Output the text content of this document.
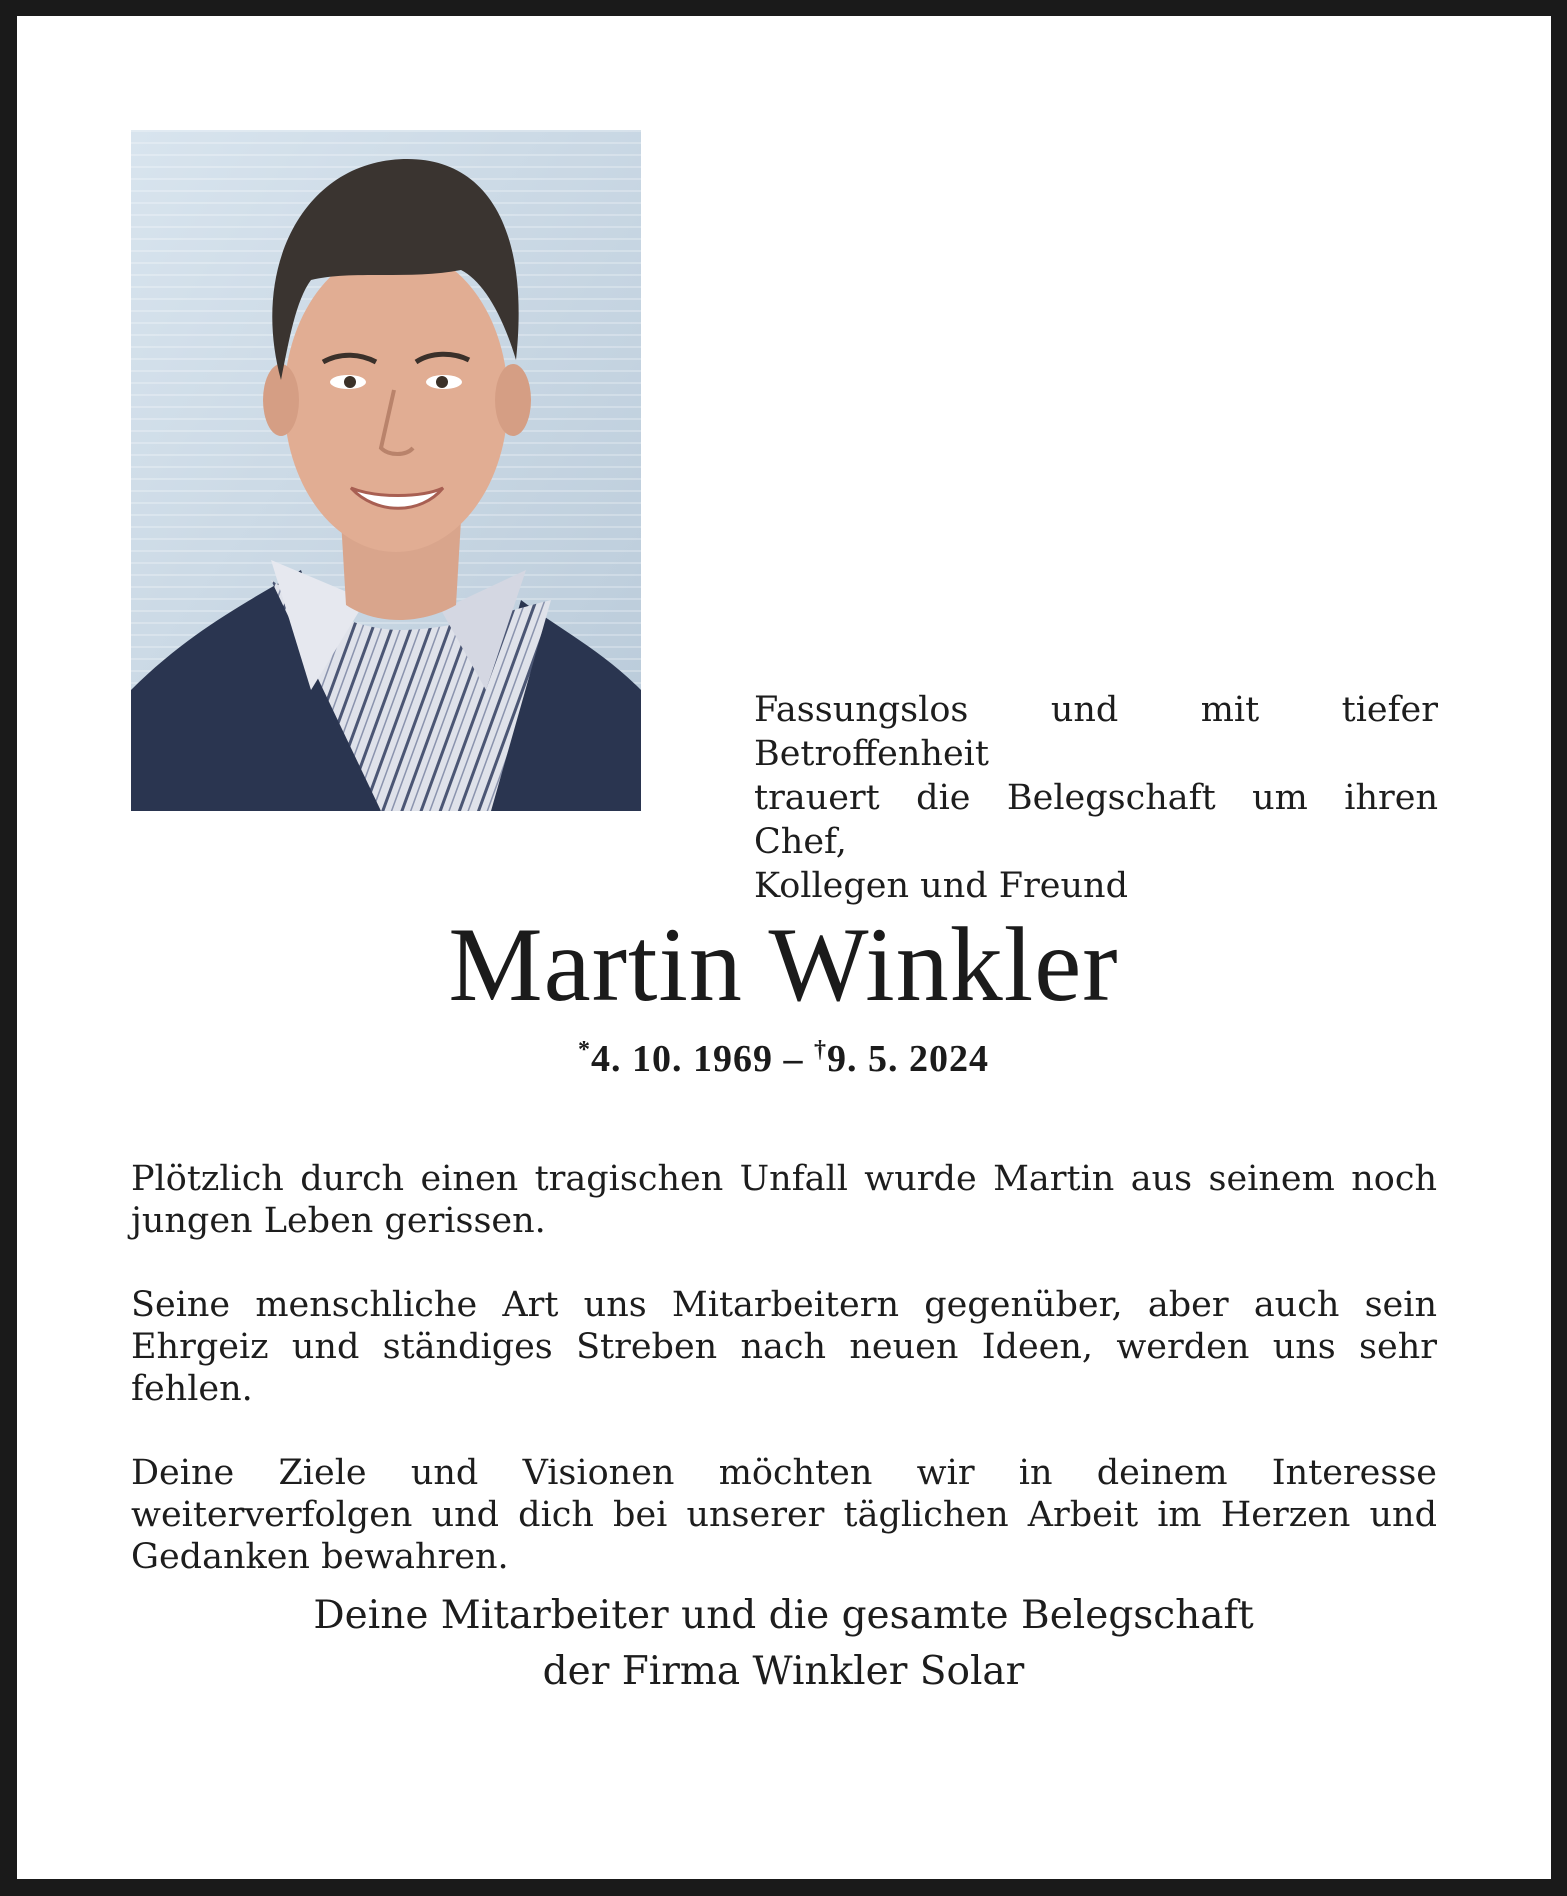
Fassungslos und mit tiefer Betroffenheit
trauert die Belegschaft um ihren Chef,
Kollegen und Freund
Martin Winkler
*4. 10. 1969 – †9. 5. 2024

Plötzlich durch einen tragischen Unfall wurde Martin aus seinem noch jungen Leben gerissen.

Seine menschliche Art uns Mitarbeitern gegenüber, aber auch sein Ehrgeiz und ständiges Streben nach neuen Ideen, werden uns sehr fehlen.

Deine Ziele und Visionen möchten wir in deinem Interesse weiterverfolgen und dich bei unserer täglichen Arbeit im Herzen und Gedanken bewahren.

Deine Mitarbeiter und die gesamte Belegschaft
der Firma Winkler Solar
